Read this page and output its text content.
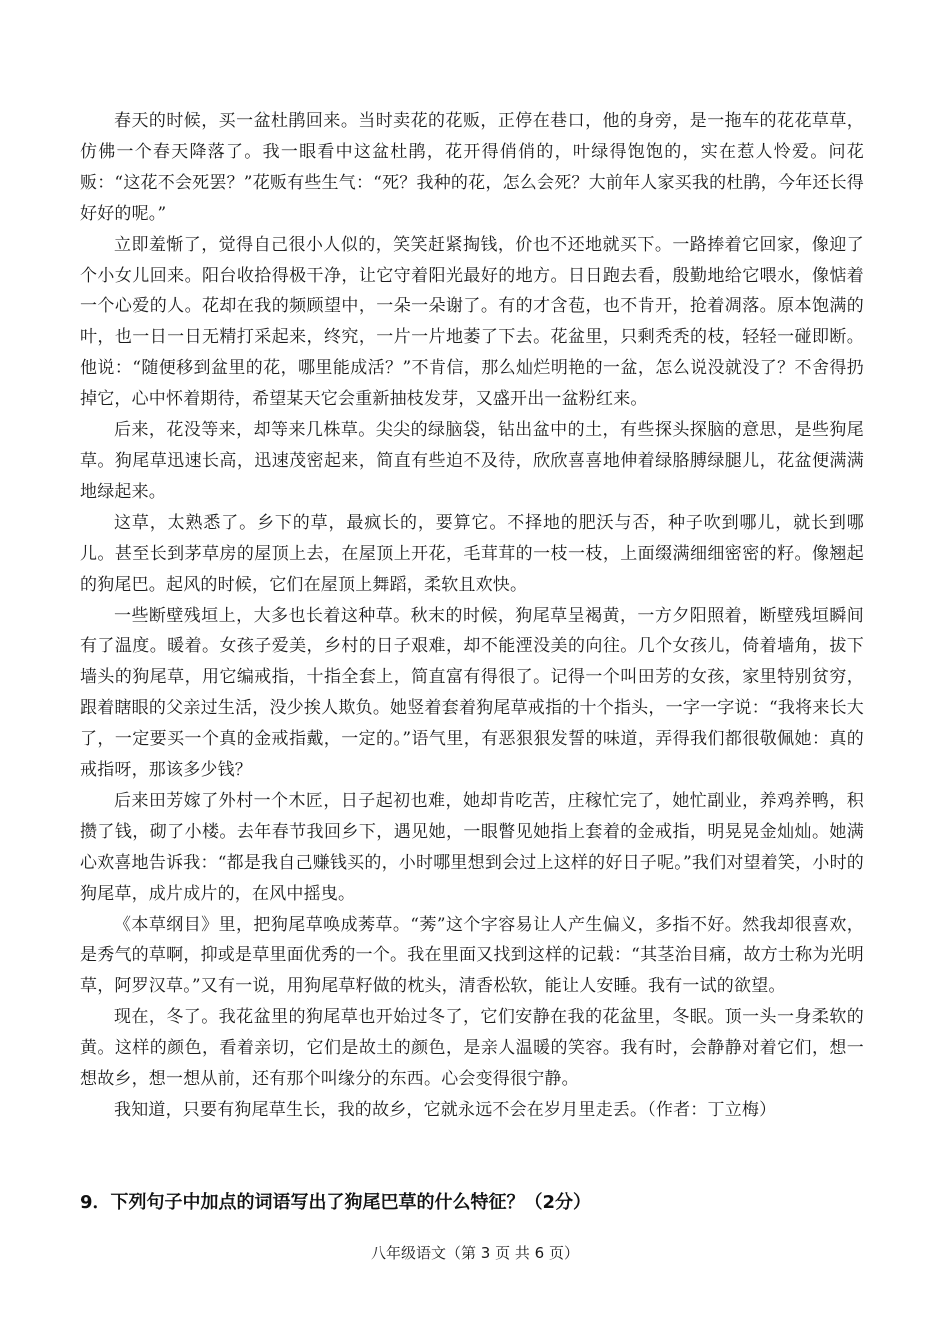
春天的时候，买一盆杜鹃回来。当时卖花的花贩，正停在巷口，他的身旁，是一拖车的花花草草，仿佛一个春天降落了。我一眼看中这盆杜鹃，花开得俏俏的，叶绿得饱饱的，实在惹人怜爱。问花贩：“这花不会死罢？”花贩有些生气：“死？我种的花，怎么会死？大前年人家买我的杜鹃，今年还长得好好的呢。”

立即羞惭了，觉得自己很小人似的，笑笑赶紧掏钱，价也不还地就买下。一路捧着它回家，像迎了个小女儿回来。阳台收拾得极干净，让它守着阳光最好的地方。日日跑去看，殷勤地给它喂水，像惦着一个心爱的人。花却在我的频顾望中，一朵一朵谢了。有的才含苞，也不肯开，抢着凋落。原本饱满的叶，也一日一日无精打采起来，终究，一片一片地萎了下去。花盆里，只剩秃秃的枝，轻轻一碰即断。他说：“随便移到盆里的花，哪里能成活？”不肯信，那么灿烂明艳的一盆，怎么说没就没了？不舍得扔掉它，心中怀着期待，希望某天它会重新抽枝发芽，又盛开出一盆粉红来。

后来，花没等来，却等来几株草。尖尖的绿脑袋，钻出盆中的土，有些探头探脑的意思，是些狗尾草。狗尾草迅速长高，迅速茂密起来，简直有些迫不及待，欣欣喜喜地伸着绿胳膊绿腿儿，花盆便满满地绿起来。

这草，太熟悉了。乡下的草，最疯长的，要算它。不择地的肥沃与否，种子吹到哪儿，就长到哪儿。甚至长到茅草房的屋顶上去，在屋顶上开花，毛茸茸的一枝一枝，上面缀满细细密密的籽。像翘起的狗尾巴。起风的时候，它们在屋顶上舞蹈，柔软且欢快。

一些断壁残垣上，大多也长着这种草。秋末的时候，狗尾草呈褐黄，一方夕阳照着，断壁残垣瞬间有了温度。暖着。女孩子爱美，乡村的日子艰难，却不能湮没美的向往。几个女孩儿，倚着墙角，拔下墙头的狗尾草，用它编戒指，十指全套上，简直富有得很了。记得一个叫田芳的女孩，家里特别贫穷，跟着瞎眼的父亲过生活，没少挨人欺负。她竖着套着狗尾草戒指的十个指头，一字一字说：“我将来长大了，一定要买一个真的金戒指戴，一定的。”语气里，有恶狠狠发誓的味道，弄得我们都很敬佩她：真的戒指呀，那该多少钱？

后来田芳嫁了外村一个木匠，日子起初也难，她却肯吃苦，庄稼忙完了，她忙副业，养鸡养鸭，积攒了钱，砌了小楼。去年春节我回乡下，遇见她，一眼瞥见她指上套着的金戒指，明晃晃金灿灿。她满心欢喜地告诉我：“都是我自己赚钱买的，小时哪里想到会过上这样的好日子呢。”我们对望着笑，小时的狗尾草，成片成片的，在风中摇曳。

《本草纲目》里，把狗尾草唤成莠草。“莠”这个字容易让人产生偏义，多指不好。然我却很喜欢，是秀气的草啊，抑或是草里面优秀的一个。我在里面又找到这样的记载：“其茎治目痛，故方士称为光明草，阿罗汉草。”又有一说，用狗尾草籽做的枕头，清香松软，能让人安睡。我有一试的欲望。

现在，冬了。我花盆里的狗尾草也开始过冬了，它们安静在我的花盆里，冬眠。顶一头一身柔软的黄。这样的颜色，看着亲切，它们是故土的颜色，是亲人温暖的笑容。我有时，会静静对着它们，想一想故乡，想一想从前，还有那个叫缘分的东西。心会变得很宁静。

我知道，只要有狗尾草生长，我的故乡，它就永远不会在岁月里走丢。（作者：丁立梅）

9．下列句子中加点的词语写出了狗尾巴草的什么特征？（2分）
八年级语文（第 3 页 共 6 页）
